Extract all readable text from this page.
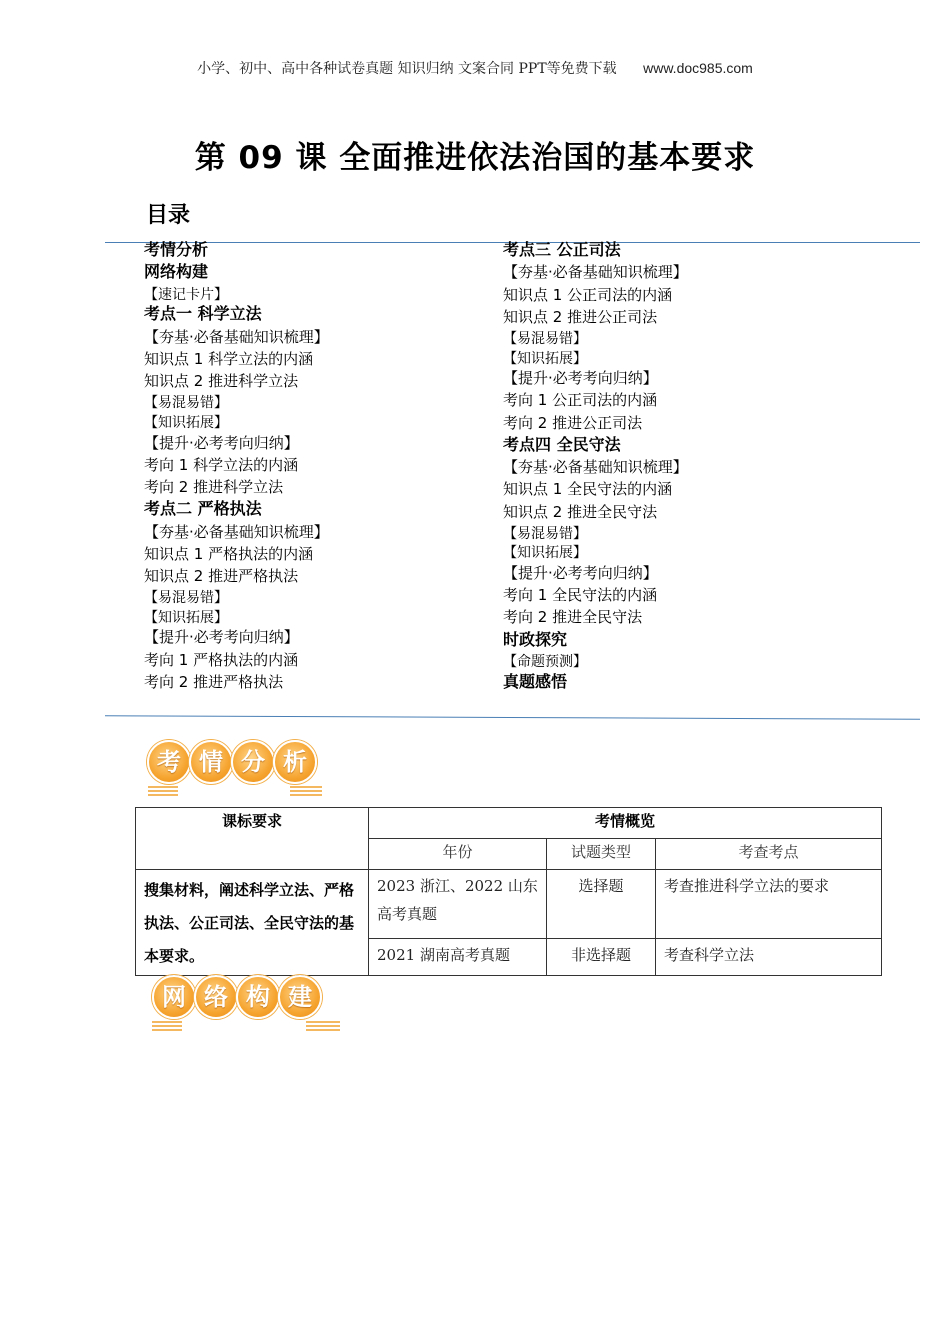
小学、初中、高中各种试卷真题 知识归纳 文案合同 PPT等免费下载 www.doc985.com
第 09 课 全面推进依法治国的基本要求
目录
考情分析
网络构建
【速记卡片】
考点一 科学立法
【夯基·必备基础知识梳理】
知识点 1 科学立法的内涵
知识点 2 推进科学立法
【易混易错】
【知识拓展】
【提升·必考考向归纳】
考向 1 科学立法的内涵
考向 2 推进科学立法
考点二 严格执法
【夯基·必备基础知识梳理】
知识点 1 严格执法的内涵
知识点 2 推进严格执法
【易混易错】
【知识拓展】
【提升·必考考向归纳】
考向 1 严格执法的内涵
考向 2 推进严格执法
考点三 公正司法
【夯基·必备基础知识梳理】
知识点 1 公正司法的内涵
知识点 2 推进公正司法
【易混易错】
【知识拓展】
【提升·必考考向归纳】
考向 1 公正司法的内涵
考向 2 推进公正司法
考点四 全民守法
【夯基·必备基础知识梳理】
知识点 1 全民守法的内涵
知识点 2 推进全民守法
【易混易错】
【知识拓展】
【提升·必考考向归纳】
考向 1 全民守法的内涵
考向 2 推进全民守法
时政探究
【命题预测】
真题感悟
考 情 分 析
课标要求	考情概览		
	年份	试题类型	考查考点
搜集材料，阐述科学立法、严格执法、公正司法、全民守法的基本要求。	2023 浙江、2022 山东高考真题	选择题	考查推进科学立法的要求
	2021 湖南高考真题	非选择题	考查科学立法
网 络 构 建
